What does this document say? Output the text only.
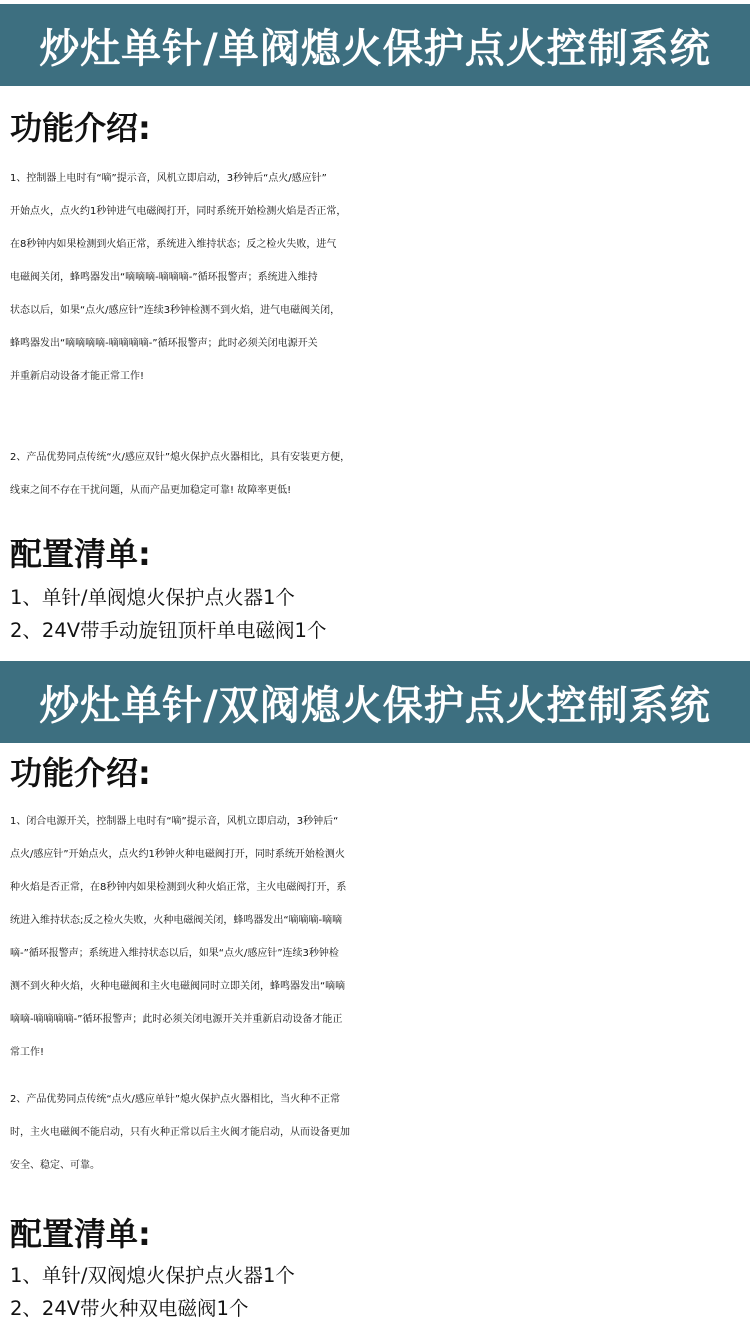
炒灶单针/单阀熄火保护点火控制系统
功能介绍:
1、控制器上电时有“嘀”提示音，风机立即启动，3秒钟后“点火/感应针”
开始点火，点火约1秒钟进气电磁阀打开，同时系统开始检测火焰是否正常，
在8秒钟内如果检测到火焰正常，系统进入维持状态；反之检火失败，进气
电磁阀关闭，蜂鸣器发出“嘀嘀嘀-嘀嘀嘀-”循环报警声；系统进入维持
状态以后，如果“点火/感应针”连续3秒钟检测不到火焰，进气电磁阀关闭，
蜂鸣器发出“嘀嘀嘀嘀-嘀嘀嘀嘀-”循环报警声；此时必须关闭电源开关
并重新启动设备才能正常工作!
2、产品优势同点传统“火/感应双针”熄火保护点火器相比，具有安装更方便，
线束之间不存在干扰问题，从而产品更加稳定可靠! 故障率更低!
配置清单:
1、单针/单阀熄火保护点火器1个
2、24V带手动旋钮顶杆单电磁阀1个
炒灶单针/双阀熄火保护点火控制系统
功能介绍:
1、闭合电源开关，控制器上电时有“嘀”提示音，风机立即启动，3秒钟后“
点火/感应针”开始点火，点火约1秒钟火种电磁阀打开，同时系统开始检测火
种火焰是否正常，在8秒钟内如果检测到火种火焰正常，主火电磁阀打开，系
统进入维持状态;反之检火失败，火种电磁阀关闭，蜂鸣器发出“嘀嘀嘀-嘀嘀
嘀-”循环报警声；系统进入维持状态以后，如果“点火/感应针”连续3秒钟检
测不到火种火焰，火种电磁阀和主火电磁阀同时立即关闭，蜂鸣器发出“嘀嘀
嘀嘀-嘀嘀嘀嘀-”循环报警声；此时必须关闭电源开关并重新启动设备才能正
常工作!
2、产品优势同点传统“点火/感应单针”熄火保护点火器相比，当火种不正常
时，主火电磁阀不能启动，只有火种正常以后主火阀才能启动，从而设备更加
安全、稳定、可靠。
配置清单:
1、单针/双阀熄火保护点火器1个
2、24V带火种双电磁阀1个
